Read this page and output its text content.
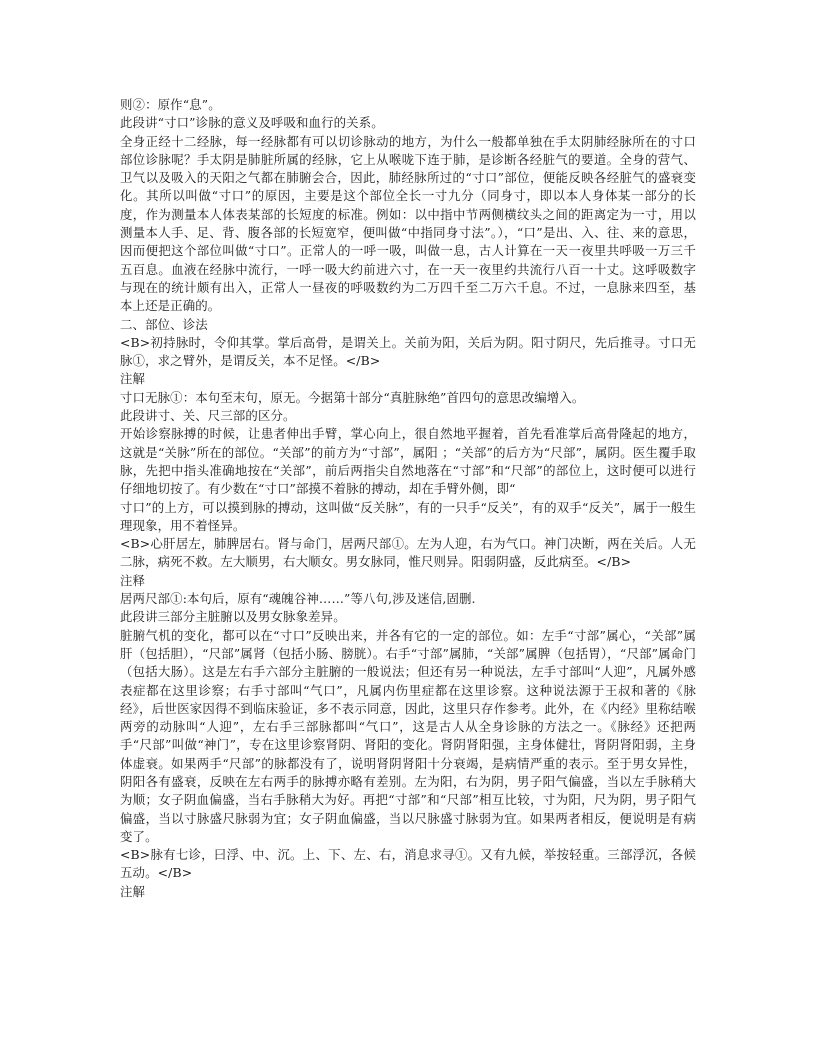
则②：原作“息”。

此段讲“寸口”诊脉的意义及呼吸和血行的关系。

全身正经十二经脉，每一经脉都有可以切诊脉动的地方，为什么一般都单独在手太阴肺经脉所在的寸口部位诊脉呢？手太阴是肺脏所属的经脉，它上从喉咙下连于肺，是诊断各经脏气的要道。全身的营气、卫气以及吸入的天阳之气都在肺腑会合，因此，肺经脉所过的“寸口”部位，便能反映各经脏气的盛衰变化。其所以叫做“寸口”的原因，主要是这个部位全长一寸九分（同身寸，即以本人身体某一部分的长度，作为测量本人体表某部的长短度的标准。例如：以中指中节两侧横纹头之间的距离定为一寸，用以测量本人手、足、背、腹各部的长短宽窄，便叫做“中指同身寸法”。），“口”是出、入、往、来的意思，因而便把这个部位叫做“寸口”。正常人的一呼一吸，叫做一息，古人计算在一天一夜里共呼吸一万三千五百息。血液在经脉中流行，一呼一吸大约前进六寸，在一天一夜里约共流行八百一十丈。这呼吸数字与现在的统计颇有出入，正常人一昼夜的呼吸数约为二万四千至二万六千息。不过，一息脉来四至，基本上还是正确的。

二、部位、诊法

<B>初持脉时，令仰其掌。掌后高骨，是谓关上。关前为阳，关后为阴。阳寸阴尺，先后推寻。寸口无脉①，求之臂外，是谓反关，本不足怪。</B>

注解

寸口无脉①：本句至末句，原无。今据第十部分“真脏脉绝”首四句的意思改编增入。

此段讲寸、关、尺三部的区分。

开始诊察脉搏的时候，让患者伸出手臂，掌心向上，很自然地平握着，首先看准掌后高骨隆起的地方，这就是“关脉”所在的部位。“关部”的前方为“寸部”，属阳 ；“关部”的后方为“尺部”，属阴。医生覆手取脉，先把中指头准确地按在“关部”，前后两指尖自然地落在“寸部”和“尺部”的部位上，这时便可以进行仔细地切按了。有少数在“寸口”部摸不着脉的搏动，却在手臂外侧，即“

寸口”的上方，可以摸到脉的搏动，这叫做“反关脉”，有的一只手“反关”，有的双手“反关”，属于一般生理现象，用不着怪异。

<B>心肝居左，肺脾居右。肾与命门，居两尺部①。左为人迎，右为气口。神门决断，两在关后。人无二脉，病死不救。左大顺男，右大顺女。男女脉同，惟尺则异。阳弱阴盛，反此病至。</B>

注释

居两尺部①:本句后，原有“魂魄谷神……”等八句,涉及迷信,固删.

此段讲三部分主脏腑以及男女脉象差异。

脏腑气机的变化，都可以在“寸口”反映出来，并各有它的一定的部位。如：左手“寸部”属心，“关部”属肝（包括胆），“尺部”属肾（包括小肠、膀胱）。右手“寸部”属肺，“关部”属脾（包括胃），“尺部”属命门（包括大肠）。这是左右手六部分主脏腑的一般说法；但还有另一种说法，左手寸部叫“人迎”，凡属外感表症都在这里诊察；右手寸部叫“气口”，凡属内伤里症都在这里诊察。这种说法源于王叔和著的《脉经》，后世医家因得不到临床验证，多不表示同意，因此，这里只存作参考。此外，在《内经》里称结喉两旁的动脉叫“人迎”，左右手三部脉都叫“气口”，这是古人从全身诊脉的方法之一。《脉经》还把两手“尺部”叫做“神门”，专在这里诊察肾阴、肾阳的变化。肾阴肾阳强，主身体健壮，肾阴肾阳弱，主身体虚衰。如果两手“尺部”的脉都没有了，说明肾阴肾阳十分衰竭，是病情严重的表示。至于男女异性，阴阳各有盛衰，反映在左右两手的脉搏亦略有差别。左为阳，右为阴，男子阳气偏盛，当以左手脉稍大为顺；女子阴血偏盛，当右手脉稍大为好。再把“寸部”和“尺部”相互比较，寸为阳，尺为阴，男子阳气偏盛，当以寸脉盛尺脉弱为宜；女子阴血偏盛，当以尺脉盛寸脉弱为宜。如果两者相反，便说明是有病变了。

<B>脉有七诊，曰浮、中、沉。上、下、左、右，消息求寻①。又有九候，举按轻重。三部浮沉，各候五动。</B>

注解
